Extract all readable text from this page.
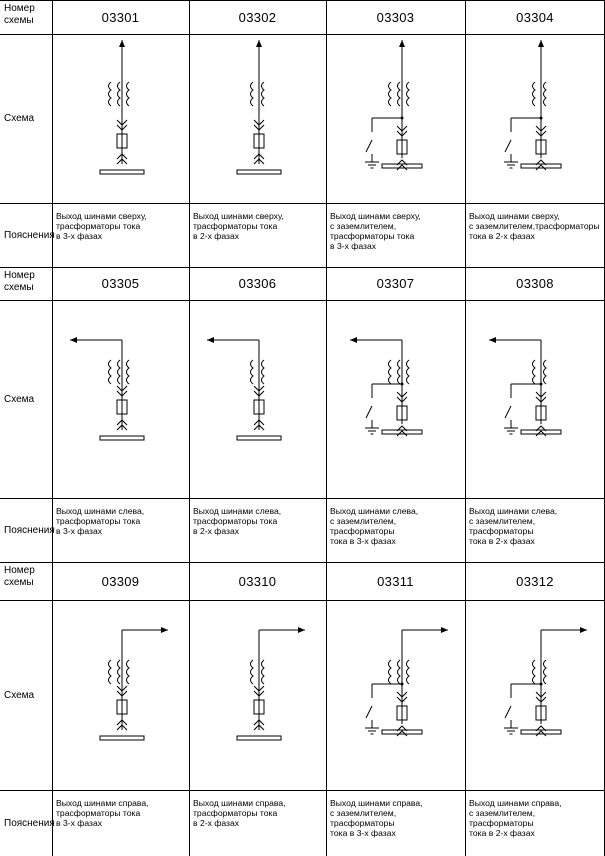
Номер
схемы
Схема
Пояснения
03301
Выход шинами сверху,
трасформаторы тока
в 3-х фазах
03302
Выход шинами сверху,
трасформаторы тока
в 2-х фазах
03303
Выход шинами сверху,
с заземлителем,
трасформаторы тока
в 3-х фазах
03304
Выход шинами сверху,
с заземлителем,трасформаторы
тока в 2-х фазах
Номер
схемы
Схема
Пояснения
03305
Выход шинами слева,
трасформаторы тока
в 3-х фазах
03306
Выход шинами слева,
трасформаторы тока
в 2-х фазах
03307
Выход шинами слева,
с заземлителем, трасформаторы
тока в 3-х фазах
03308
Выход шинами слева,
с заземлителем, трасформаторы
тока в 2-х фазах
Номер
схемы
Схема
Пояснения
03309
Выход шинами справа,
трасформаторы тока
в 3-х фазах
03310
Выход шинами справа,
трасформаторы тока
в 2-х фазах
03311
Выход шинами справа,
с заземлителем, трасформаторы
тока в 3-х фазах
03312
Выход шинами справа,
с заземлителем, трасформаторы
тока в 2-х фазах
